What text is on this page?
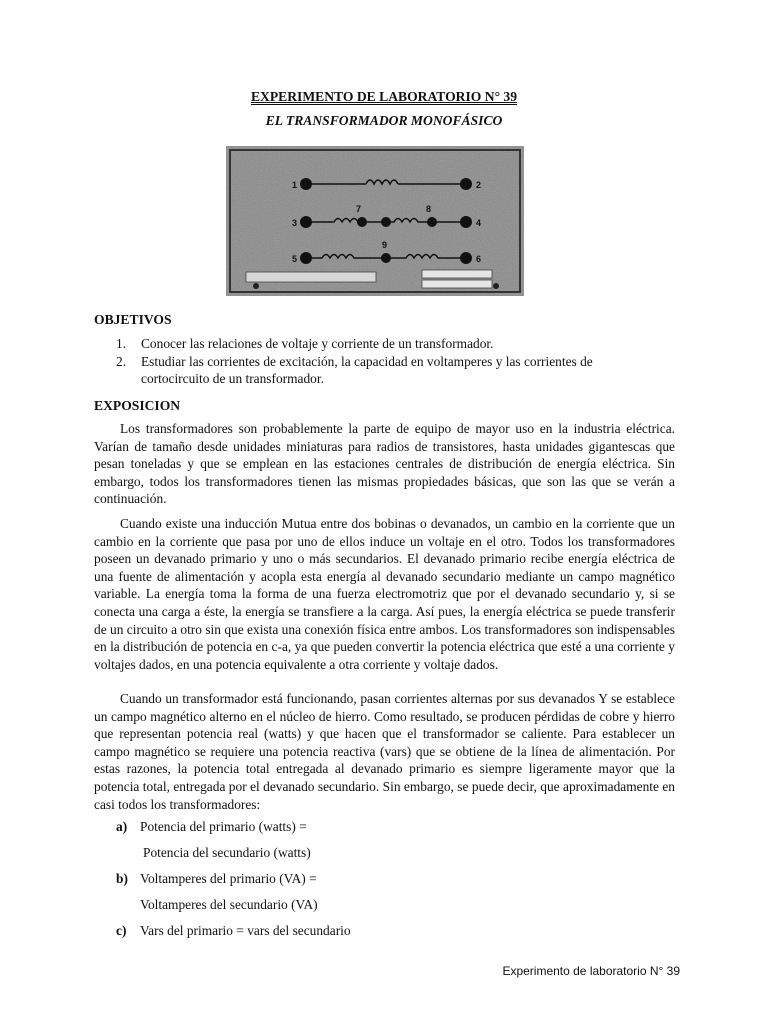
EXPERIMENTO DE LABORATORIO N° 39
EL TRANSFORMADOR MONOFÁSICO
1	2
3	4
5	6
7	8
9
OBJETIVOS
1. Conocer las relaciones de voltaje y corriente de un transformador.
2. Estudiar las corrientes de excitación, la capacidad en voltamperes y las corrientes de cortocircuito de un transformador.
EXPOSICION

Los transformadores son probablemente la parte de equipo de mayor uso en la industria eléctrica. Varían de tamaño desde unidades miniaturas para radios de transistores, hasta unidades gigantescas que pesan toneladas y que se emplean en las estaciones centrales de distribución de energía eléctrica. Sin embargo, todos los transformadores tienen las mismas propiedades básicas, que son las que se verán a continuación.

Cuando existe una inducción Mutua entre dos bobinas o devanados, un cambio en la corriente que un cambio en la corriente que pasa por uno de ellos induce un voltaje en el otro. Todos los transformadores poseen un devanado primario y uno o más secundarios. El devanado primario recibe energía eléctrica de una fuente de alimentación y acopla esta energía al devanado secundario mediante un campo magnético variable. La energía toma la forma de una fuerza electromotriz que por el devanado secundario y, si se conecta una carga a éste, la energía se transfiere a la carga. Así pues, la energía eléctrica se puede transferir de un circuito a otro sin que exista una conexión física entre ambos. Los transformadores son indispensables en la distribución de potencia en c-a, ya que pueden convertir la potencia eléctrica que esté a una corriente y voltajes dados, en una potencia equivalente a otra corriente y voltaje dados.

Cuando un transformador está funcionando, pasan corrientes alternas por sus devanados Y se establece un campo magnético alterno en el núcleo de hierro. Como resultado, se producen pérdidas de cobre y hierro que representan potencia real (watts) y que hacen que el transformador se caliente. Para establecer un campo magnético se requiere una potencia reactiva (vars) que se obtiene de la línea de alimentación. Por estas razones, la potencia total entregada al devanado primario es siempre ligeramente mayor que la potencia total, entregada por el devanado secundario. Sin embargo, se puede decir, que aproximadamente en casi todos los transformadores:

a) Potencia del primario (watts) =
Potencia del secundario (watts)
b) Voltamperes del primario (VA) =
Voltamperes del secundario (VA)
c) Vars del primario = vars del secundario
Experimento de laboratorio N° 39
